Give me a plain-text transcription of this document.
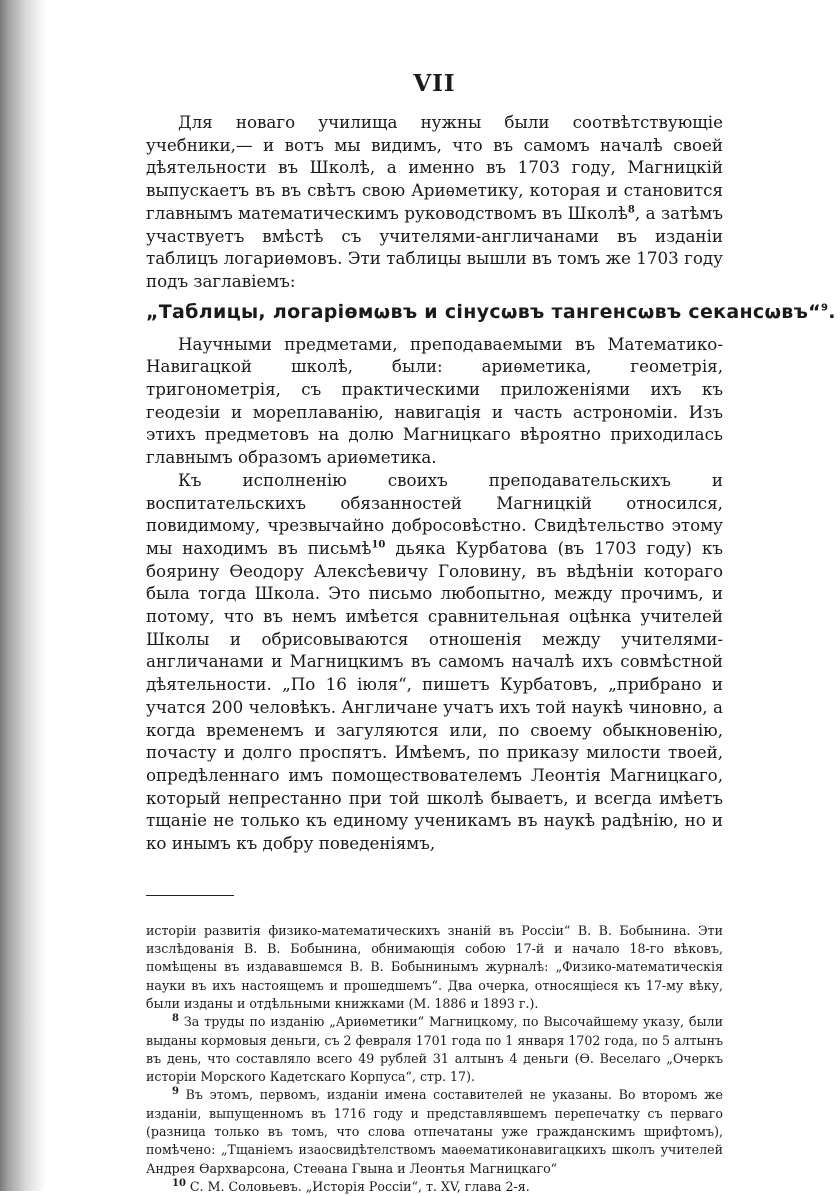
VII

Для новаго училища нужны были соотвѣтствующіе учебники,— и вотъ мы видимъ, что въ самомъ началѣ своей дѣятельности въ Школѣ, а именно въ 1703 году, Магницкій выпускаетъ въ въ свѣтъ свою Ариѳметику, которая и становится главнымъ математическимъ руководствомъ въ Школѣ$^8$, а затѣмъ участвуетъ вмѣстѣ съ учителями-англичанами въ изданіи таблицъ логариѳмовъ. Эти таблицы вышли въ томъ же 1703 году подъ заглавіемъ:

„Таблицы, логаріѳмωвъ и сінусωвъ тангенсωвъ секансωвъ“$^9$.

Научными предметами, преподаваемыми въ Математико-Навигацкой школѣ, были: ариѳметика, геометрія, тригонометрія, съ практическими приложеніями ихъ къ геодезіи и мореплаванію, навигація и часть астрономіи. Изъ этихъ предметовъ на долю Магницкаго вѣроятно приходилась главнымъ образомъ ариѳметика.

Къ исполненію своихъ преподавательскихъ и воспитательскихъ обязанностей Магницкій относился, повидимому, чрезвычайно добросовѣстно. Свидѣтельство этому мы находимъ въ письмѣ$^{10}$ дьяка Курбатова (въ 1703 году) къ боярину Ѳеодору Алексѣевичу Головину, въ вѣдѣніи котораго была тогда Школа. Это письмо любопытно, между прочимъ, и потому, что въ немъ имѣется сравнительная оцѣнка учителей Школы и обрисовываются отношенія между учителями-англичанами и Магницкимъ въ самомъ началѣ ихъ совмѣстной дѣятельности. „По 16 іюля“, пишетъ Курбатовъ, „прибрано и учатся 200 человѣкъ. Англичане учатъ ихъ той наукѣ чиновно, а когда временемъ и загуляются или, по своему обыкновенію, почасту и долго проспятъ. Имѣемъ, по приказу милости твоей, опредѣленнаго имъ помоществователемъ Леонтія Магницкаго, который непрестанно при той школѣ бываетъ, и всегда имѣетъ тщаніе не только къ единому ученикамъ въ наукѣ радѣнію, но и ко инымъ къ добру поведеніямъ,

исторіи развитія физико-математическихъ знаній въ Россіи“ В. В. Бобынина. Эти изслѣдованія В. В. Бобынина, обнимающія собою 17-й и начало 18-го вѣковъ, помѣщены въ издававшемся В. В. Бобынинымъ журналѣ: „Физико-математическія науки въ ихъ настоящемъ и прошедшемъ“. Два очерка, относящіеся къ 17-му вѣку, были изданы и отдѣльными книжками (М. 1886 и 1893 г.).

$^8$ За труды по изданію „Ариѳметики“ Магницкому, по Высочайшему указу, были выданы кормовыя деньги, съ 2 февраля 1701 года по 1 января 1702 года, по 5 алтынъ въ день, что составляло всего 49 рублей 31 алтынъ 4 деньги (Ѳ. Веселаго „Очеркъ исторіи Морского Кадетскаго Корпуса“, стр. 17).

$^9$ Въ этомъ, первомъ, изданіи имена составителей не указаны. Во второмъ же изданіи, выпущенномъ въ 1716 году и представлявшемъ перепечатку съ перваго (разница только въ томъ, что слова отпечатаны уже гражданскимъ шрифтомъ), помѣчено: „Тщаніемъ изаосвидѣтелствомъ маѳематиконавигацкихъ школъ учителей Андрея Ѳархварсона, Стеѳана Гвына и Леонтья Магницкаго“

$^{10}$ С. М. Соловьевъ. „Исторія Россіи“, т. XV, глава 2-я.
